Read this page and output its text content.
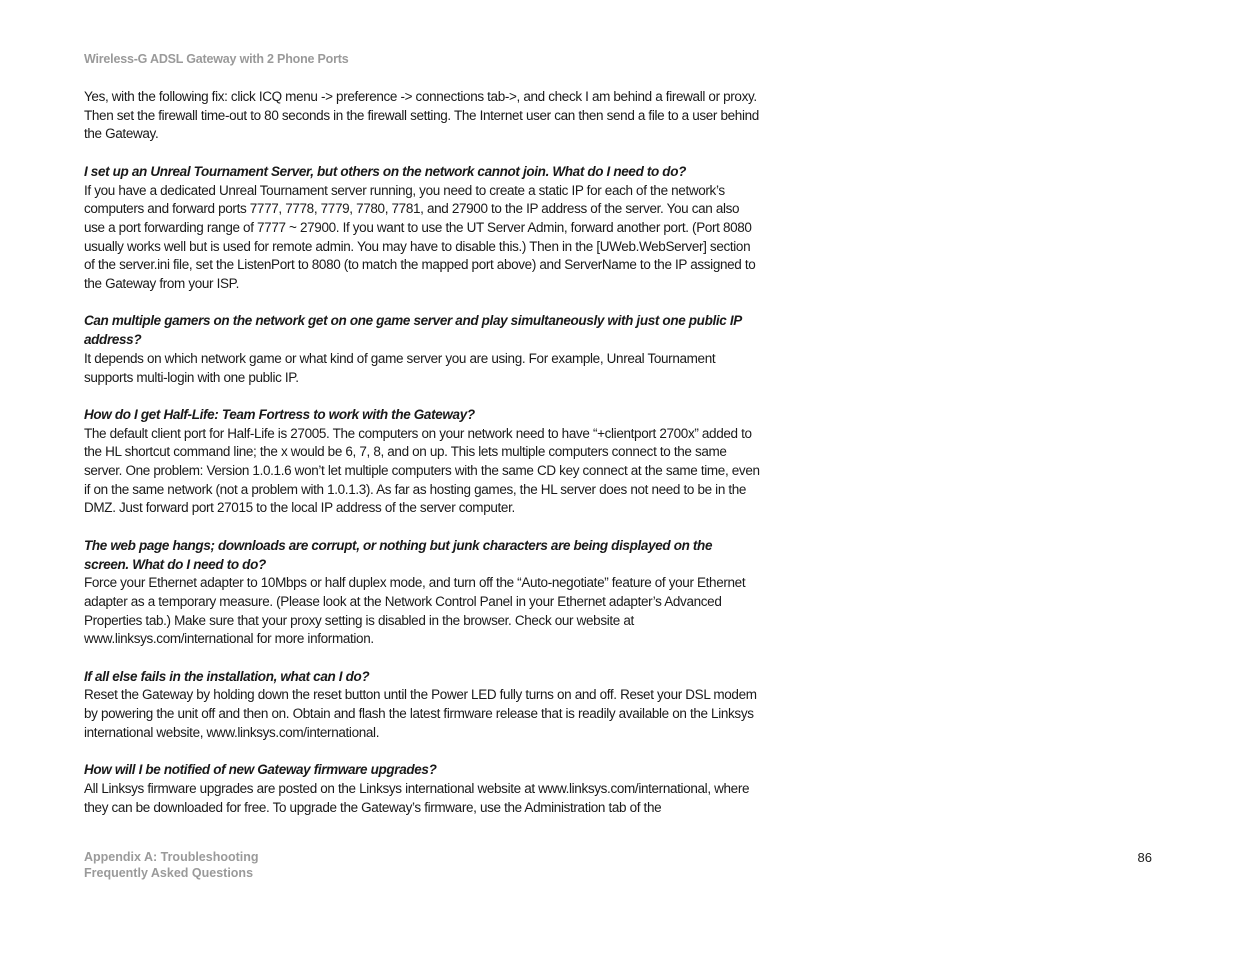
Wireless-G ADSL Gateway with 2 Phone Ports

Yes, with the following fix: click ICQ menu -> preference -> connections tab->, and check I am behind a firewall or proxy. Then set the firewall time-out to 80 seconds in the firewall setting. The Internet user can then send a file to a user behind the Gateway.

I set up an Unreal Tournament Server, but others on the network cannot join. What do I need to do?

If you have a dedicated Unreal Tournament server running, you need to create a static IP for each of the network’s computers and forward ports 7777, 7778, 7779, 7780, 7781, and 27900 to the IP address of the server. You can also use a port forwarding range of 7777 ~ 27900. If you want to use the UT Server Admin, forward another port. (Port 8080 usually works well but is used for remote admin. You may have to disable this.) Then in the [UWeb.WebServer] section of the server.ini file, set the ListenPort to 8080 (to match the mapped port above) and ServerName to the IP assigned to the Gateway from your ISP.

Can multiple gamers on the network get on one game server and play simultaneously with just one public IP address?

It depends on which network game or what kind of game server you are using. For example, Unreal Tournament supports multi-login with one public IP.

How do I get Half-Life: Team Fortress to work with the Gateway?

The default client port for Half-Life is 27005. The computers on your network need to have “+clientport 2700x” added to the HL shortcut command line; the x would be 6, 7, 8, and on up. This lets multiple computers connect to the same server. One problem: Version 1.0.1.6 won’t let multiple computers with the same CD key connect at the same time, even if on the same network (not a problem with 1.0.1.3). As far as hosting games, the HL server does not need to be in the DMZ. Just forward port 27015 to the local IP address of the server computer.

The web page hangs; downloads are corrupt, or nothing but junk characters are being displayed on the screen. What do I need to do?

Force your Ethernet adapter to 10Mbps or half duplex mode, and turn off the “Auto-negotiate” feature of your Ethernet adapter as a temporary measure. (Please look at the Network Control Panel in your Ethernet adapter’s Advanced Properties tab.) Make sure that your proxy setting is disabled in the browser. Check our website at www.linksys.com/international for more information.

If all else fails in the installation, what can I do?

Reset the Gateway by holding down the reset button until the Power LED fully turns on and off. Reset your DSL modem by powering the unit off and then on. Obtain and flash the latest firmware release that is readily available on the Linksys international website, www.linksys.com/international.

How will I be notified of new Gateway firmware upgrades?

All Linksys firmware upgrades are posted on the Linksys international website at www.linksys.com/international, where they can be downloaded for free. To upgrade the Gateway’s firmware, use the Administration tab of the

Appendix A: Troubleshooting
Frequently Asked Questions
86
